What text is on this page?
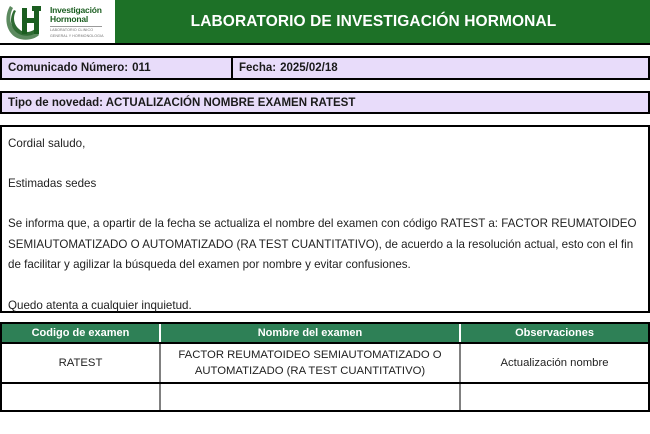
Investigación
Hormonal
LABORATORIO CLINICO
GENERAL Y HORMONOLOGIA
LABORATORIO DE INVESTIGACIÓN HORMONAL
Comunicado Número: 011	Fecha: 2025/02/18
Tipo de novedad: ACTUALIZACIÓN NOMBRE EXAMEN RATEST
Cordial saludo,
Estimadas sedes
Se informa que, a opartir de la fecha se actualiza el nombre del examen con código RATEST a: FACTOR REUMATOIDEO SEMIAUTOMATIZADO O AUTOMATIZADO (RA TEST CUANTITATIVO), de acuerdo a la resolución actual, esto con el fin de facilitar y agilizar la búsqueda del examen por nombre y evitar confusiones.
Quedo atenta a cualquier inquietud.
Codigo de examen	Nombre del examen	Observaciones
RATEST	FACTOR REUMATOIDEO SEMIAUTOMATIZADO O AUTOMATIZADO (RA TEST CUANTITATIVO)	Actualización nombre
